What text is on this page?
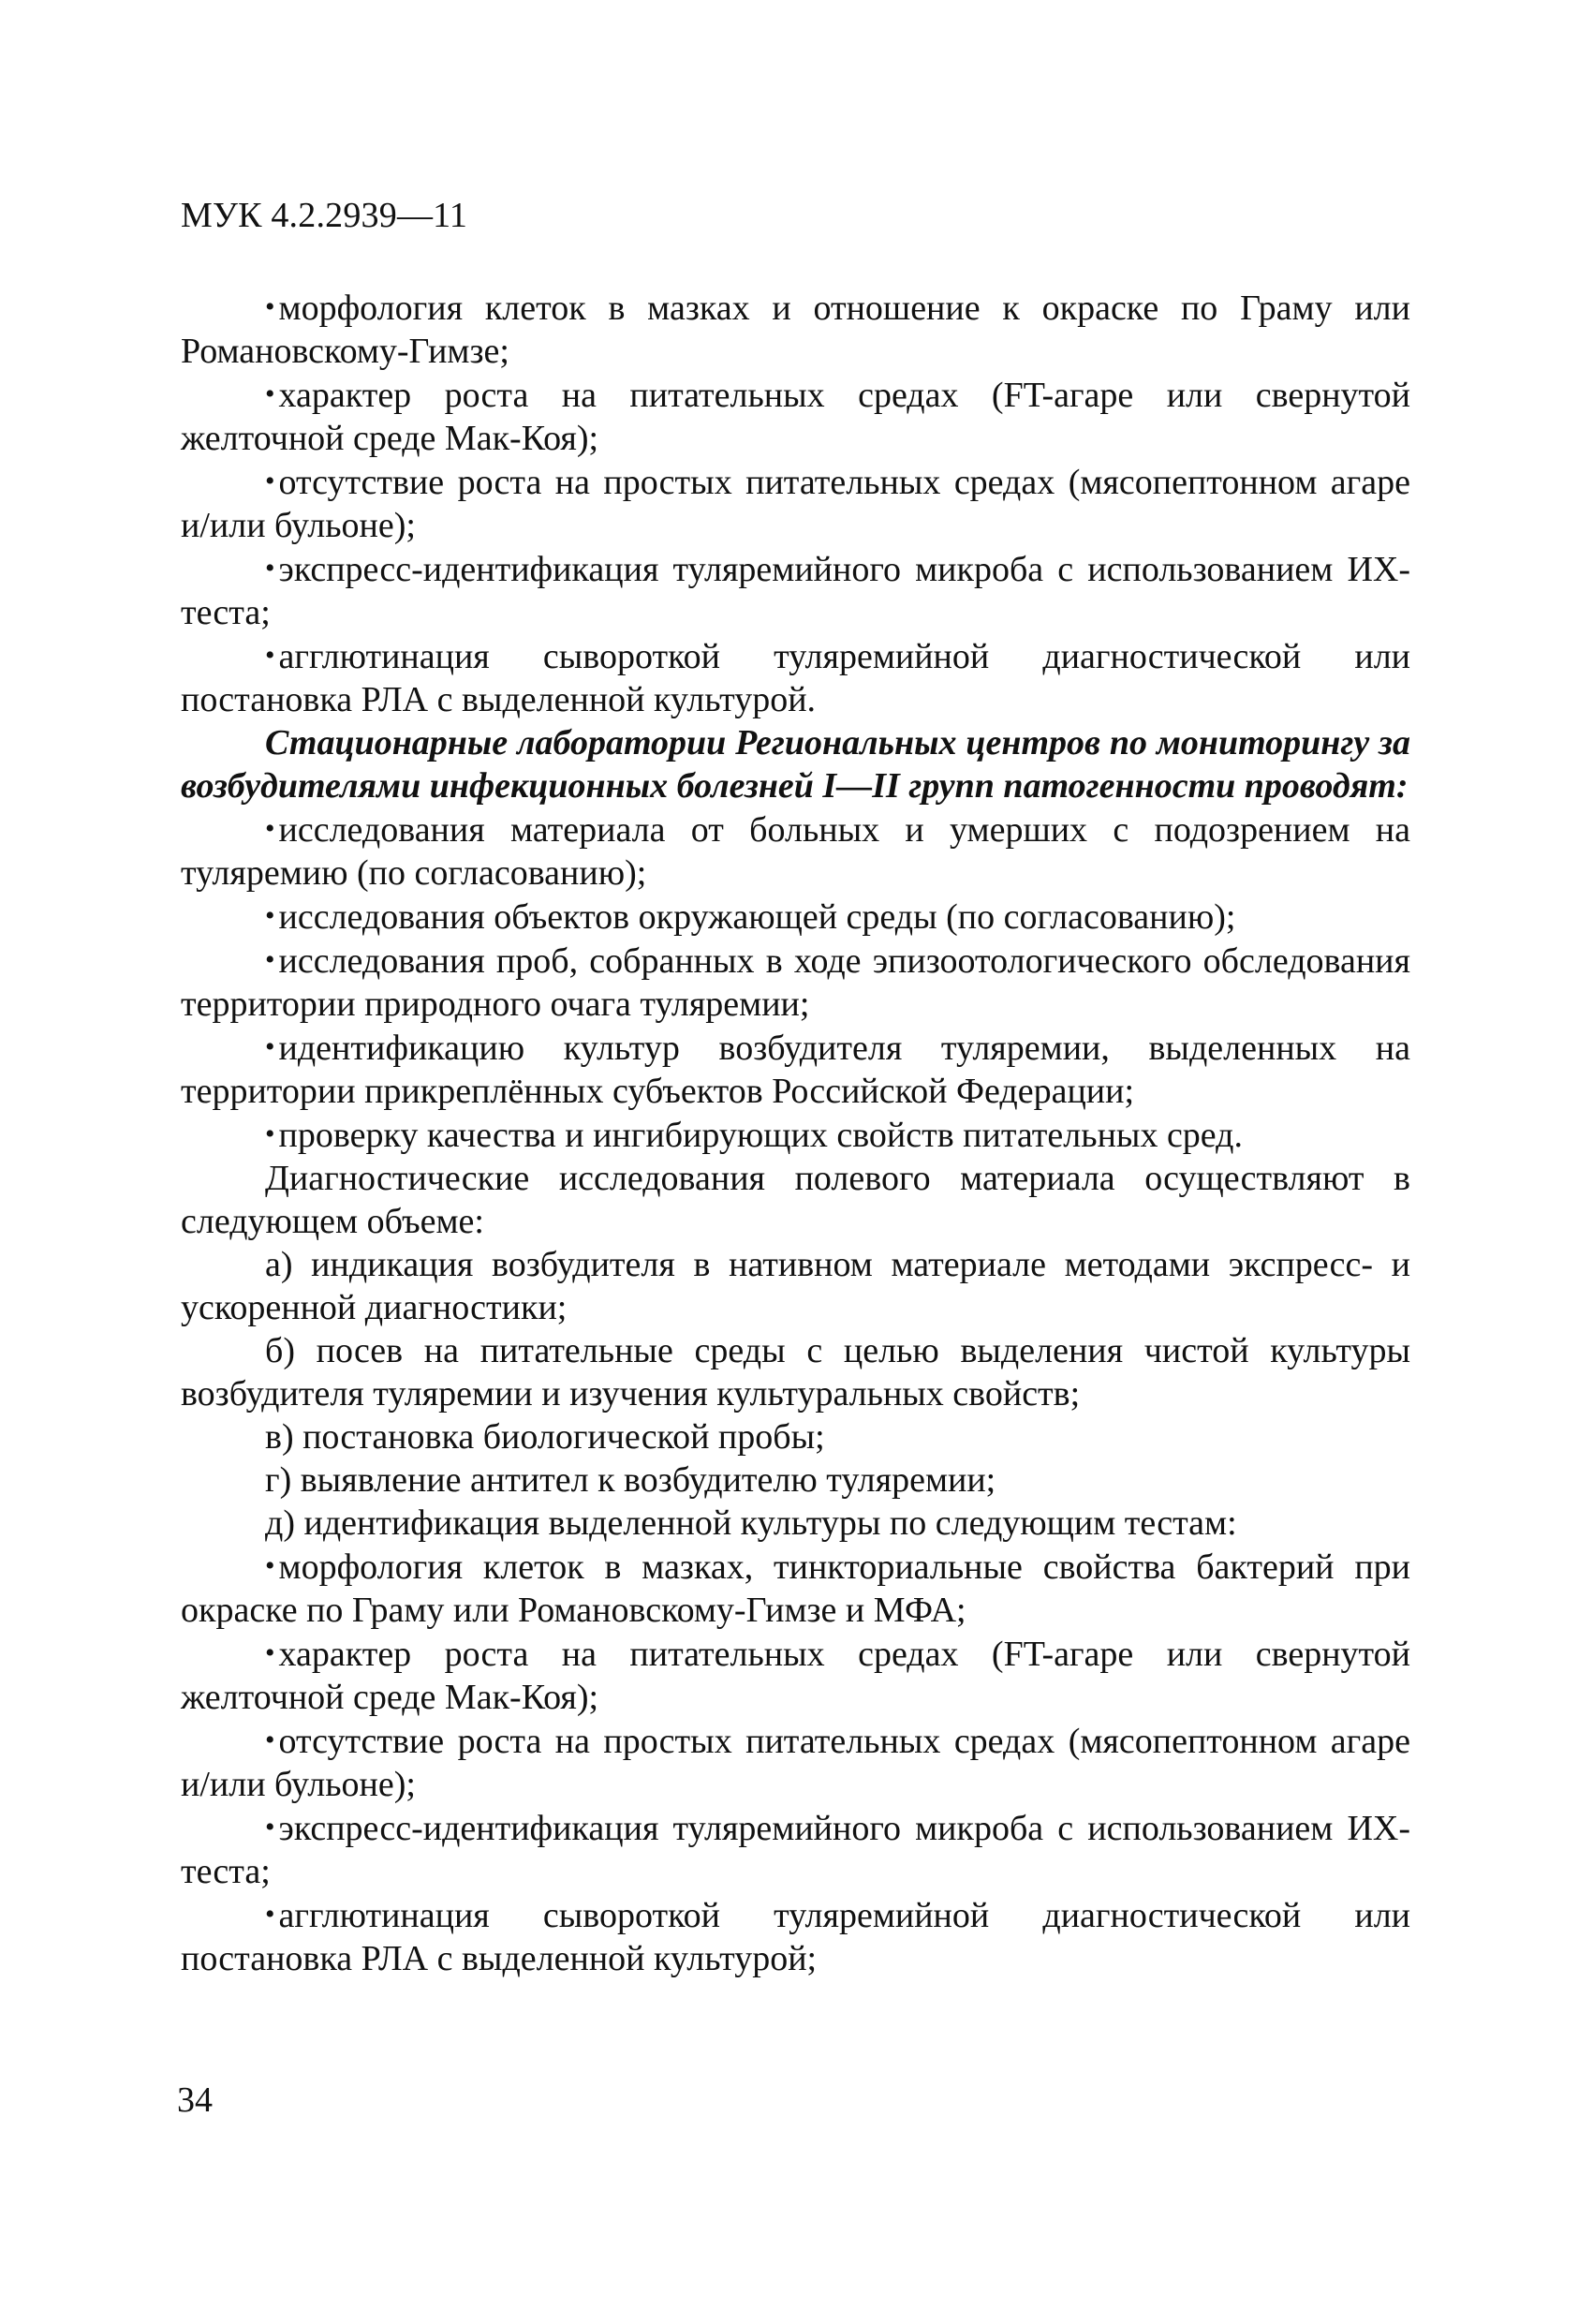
МУК 4.2.2939—11

• морфология клеток в мазках и отношение к окраске по Граму или Романовскому-Гимзе;

• характер роста на питательных средах (FT-агаре или свернутой желточной среде Мак-Коя);

• отсутствие роста на простых питательных средах (мясопептонном агаре и/или бульоне);

• экспресс-идентификация туляремийного микроба с использованием ИХ-теста;

• агглютинация сывороткой туляремийной диагностической или постановка РЛА с выделенной культурой.

Стационарные лаборатории Региональных центров по мониторингу за возбудителями инфекционных болезней I—II групп патогенности проводят:

• исследования материала от больных и умерших с подозрением на туляремию (по согласованию);

• исследования объектов окружающей среды (по согласованию);

• исследования проб, собранных в ходе эпизоотологического обследования территории природного очага туляремии;

• идентификацию культур возбудителя туляремии, выделенных на территории прикреплённых субъектов Российской Федерации;

• проверку качества и ингибирующих свойств питательных сред.

Диагностические исследования полевого материала осуществляют в следующем объеме:

а) индикация возбудителя в нативном материале методами экспресс- и ускоренной диагностики;

б) посев на питательные среды с целью выделения чистой культуры возбудителя туляремии и изучения культуральных свойств;

в) постановка биологической пробы;

г) выявление антител к возбудителю туляремии;

д) идентификация выделенной культуры по следующим тестам:

• морфология клеток в мазках, тинкториальные свойства бактерий при окраске по Граму или Романовскому-Гимзе и МФА;

• характер роста на питательных средах (FT-агаре или свернутой желточной среде Мак-Коя);

• отсутствие роста на простых питательных средах (мясопептонном агаре и/или бульоне);

• экспресс-идентификация туляремийного микроба с использованием ИХ-теста;

• агглютинация сывороткой туляремийной диагностической или постановка РЛА с выделенной культурой;

34
